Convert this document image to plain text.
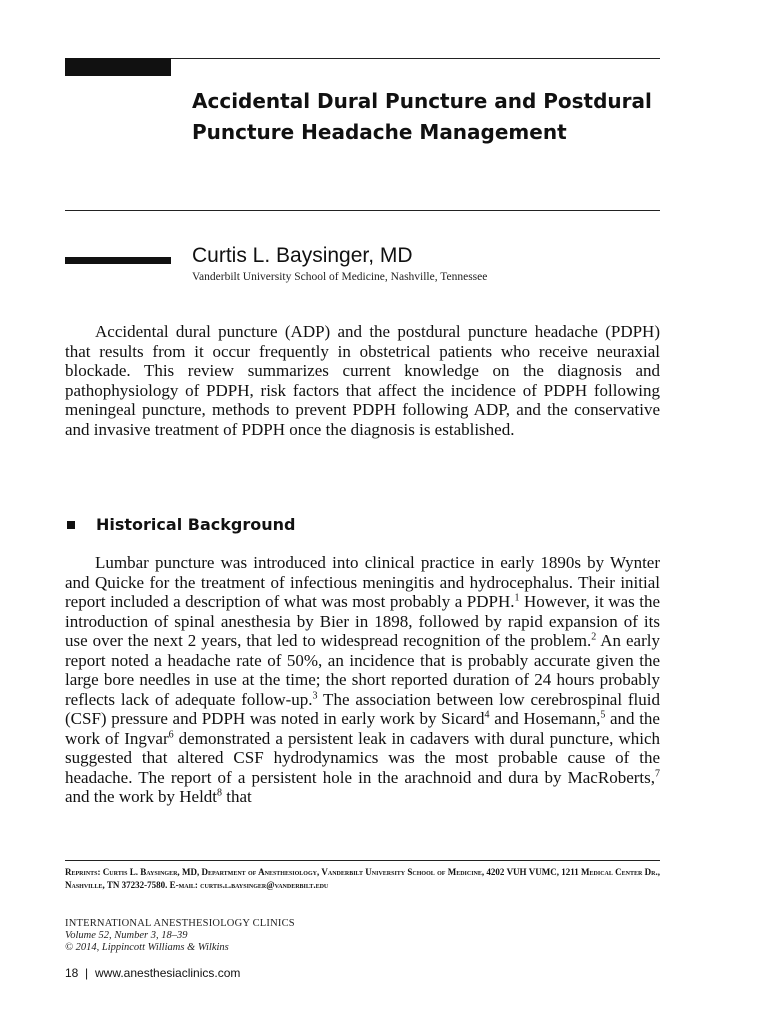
Accidental Dural Puncture and Postdural Puncture Headache Management
Curtis L. Baysinger, MD
Vanderbilt University School of Medicine, Nashville, Tennessee

Accidental dural puncture (ADP) and the postdural puncture headache (PDPH) that results from it occur frequently in obstetrical patients who receive neuraxial blockade. This review summarizes current knowledge on the diagnosis and pathophysiology of PDPH, risk factors that affect the incidence of PDPH following meningeal puncture, methods to prevent PDPH following ADP, and the conservative and invasive treatment of PDPH once the diagnosis is established.

Historical Background

Lumbar puncture was introduced into clinical practice in early 1890s by Wynter and Quicke for the treatment of infectious meningitis and hydrocephalus. Their initial report included a description of what was most probably a PDPH.$^1$ However, it was the introduction of spinal anesthesia by Bier in 1898, followed by rapid expansion of its use over the next 2 years, that led to widespread recognition of the problem.$^2$ An early report noted a headache rate of 50%, an incidence that is probably accurate given the large bore needles in use at the time; the short reported duration of 24 hours probably reflects lack of adequate follow-up.$^3$ The association between low cerebrospinal fluid (CSF) pressure and PDPH was noted in early work by Sicard$^4$ and Hosemann,$^5$ and the work of Ingvar$^6$ demonstrated a persistent leak in cadavers with dural puncture, which suggested that altered CSF hydrodynamics was the most probable cause of the headache. The report of a persistent hole in the arachnoid and dura by MacRoberts,$^7$ and the work by Heldt$^8$ that

Reprints: Curtis L. Baysinger, MD, Department of Anesthesiology, Vanderbilt University School of Medicine, 4202 VUH VUMC, 1211 Medical Center Dr., Nashville, TN 37232-7580. E-mail: curtis.l.baysinger@vanderbilt.edu

INTERNATIONAL ANESTHESIOLOGY CLINICS
Volume 52, Number 3, 18–39
© 2014, Lippincott Williams & Wilkins
18 | www.anesthesiaclinics.com
